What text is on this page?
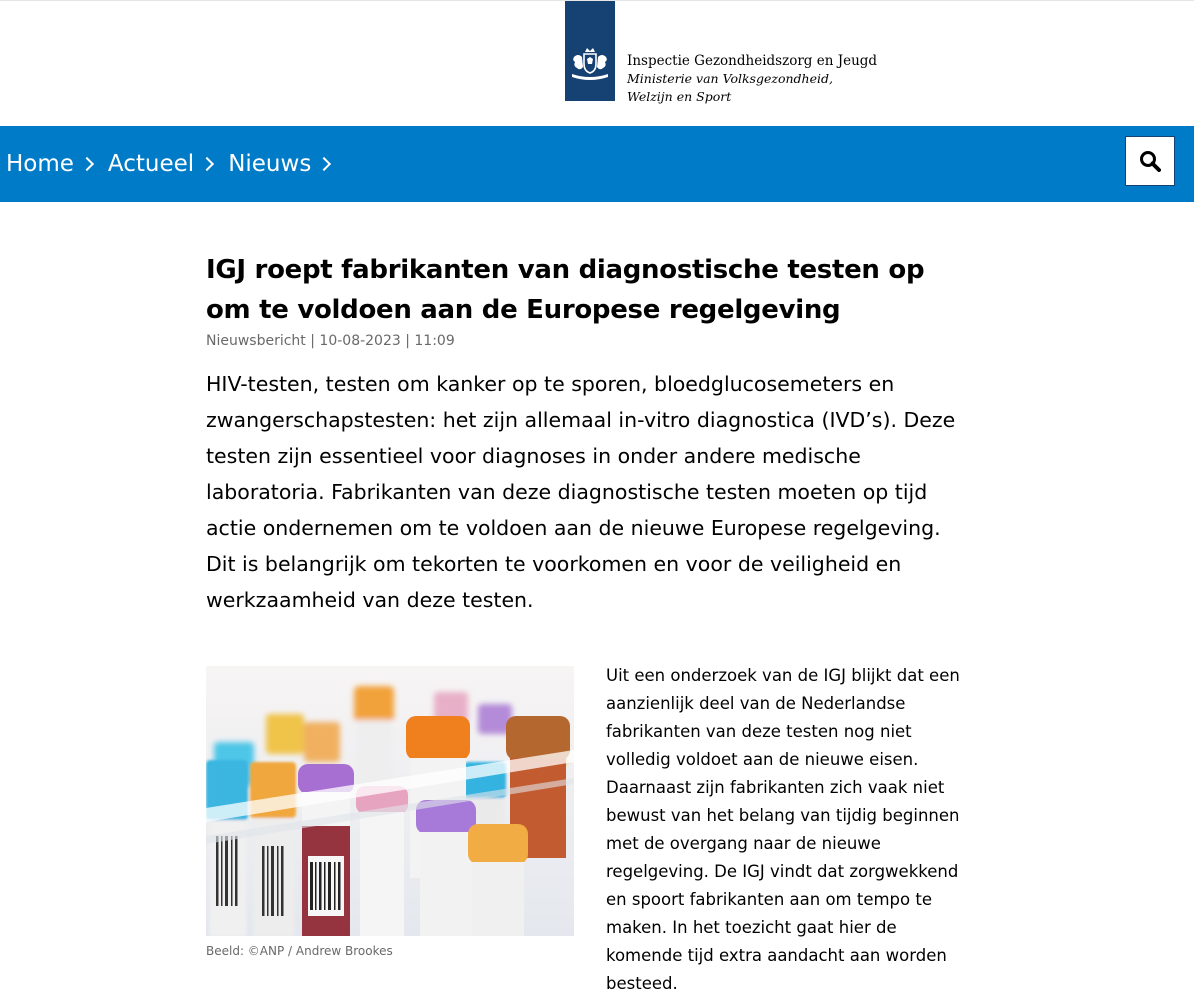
Inspectie Gezondheidszorg en Jeugd
Ministerie van Volksgezondheid,
Welzijn en Sport
Home Actueel Nieuws
IGJ roept fabrikanten van diagnostische testen op om te voldoen aan de Europese regelgeving
Nieuwsbericht | 10-08-2023 | 11:09

HIV-testen, testen om kanker op te sporen, bloedglucosemeters en zwangerschapstesten: het zijn allemaal in-vitro diagnostica (IVD’s). Deze testen zijn essentieel voor diagnoses in onder andere medische laboratoria. Fabrikanten van deze diagnostische testen moeten op tijd actie ondernemen om te voldoen aan de nieuwe Europese regelgeving. Dit is belangrijk om tekorten te voorkomen en voor de veiligheid en werkzaamheid van deze testen.

Beeld: ©ANP / Andrew Brookes

Uit een onderzoek van de IGJ blijkt dat een aanzienlijk deel van de Nederlandse fabrikanten van deze testen nog niet volledig voldoet aan de nieuwe eisen. Daarnaast zijn fabrikanten zich vaak niet bewust van het belang van tijdig beginnen met de overgang naar de nieuwe regelgeving. De IGJ vindt dat zorgwekkend en spoort fabrikanten aan om tempo te maken. In het toezicht gaat hier de komende tijd extra aandacht aan worden besteed.
